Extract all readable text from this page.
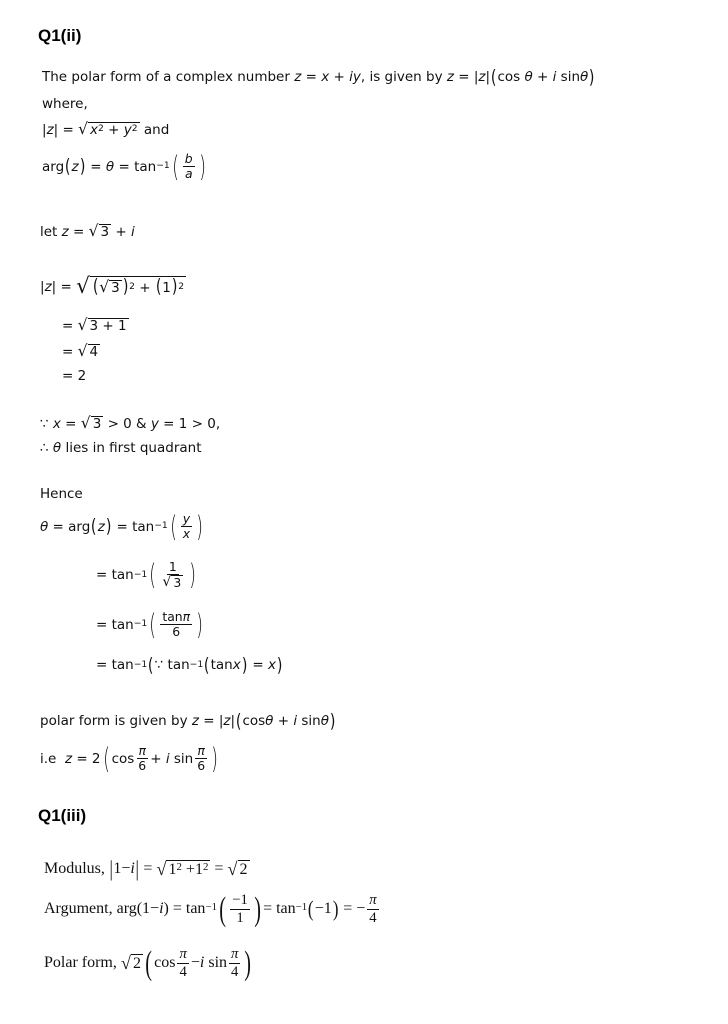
Q1(ii)
The polar form of a complex number z = x + iy , is given by z = | z | ( cos θ + i sin θ )
where,
| z | = √ $x^2 + y^2$ and
arg ( z ) = $\theta = \tan^{-1}$ ( $\frac{b}{a}$ )
let z = √ 3 + i
| z | = √ ( √ 3 )$^2 + (1)^2$
= √ 3 + 1
= √ 4
= 2
∵ x = √ 3 > 0 & y = 1 > 0,
∴ θ lies in first quadrant
Hence
θ = arg ( z ) = $\tan^{-1}$ ( $\frac{y}{x}$ )
= $\tan^{-1}$ ( $\frac{1}{√ 3}$ )
= $\tan^{-1}$ ( $\frac{\tan\pi}{6}$ )
= $\tan^{-1}$ ( ∵ $\tan^{-1}$ ( tan x ) = x )
polar form is given by z = | z | ( cos θ + i sin θ )
i.e z = 2 ( $\cos \frac{\pi}{6} + i$ $\sin \frac{\pi}{6}$ )
Q1(iii)
Modulus, | 1− i | = √ $1^2 +1^2$ = √ 2
Argument, arg(1− i ) = $\tan^{-1}$ ( $\frac{-1}{1}$ ) = $\tan^{-1}$ ( −1 ) = − $\frac{\pi}{4}$
Polar form, √ 2 ( $\cos \frac{\pi}{4} - i$ $\sin \frac{\pi}{4}$ )
